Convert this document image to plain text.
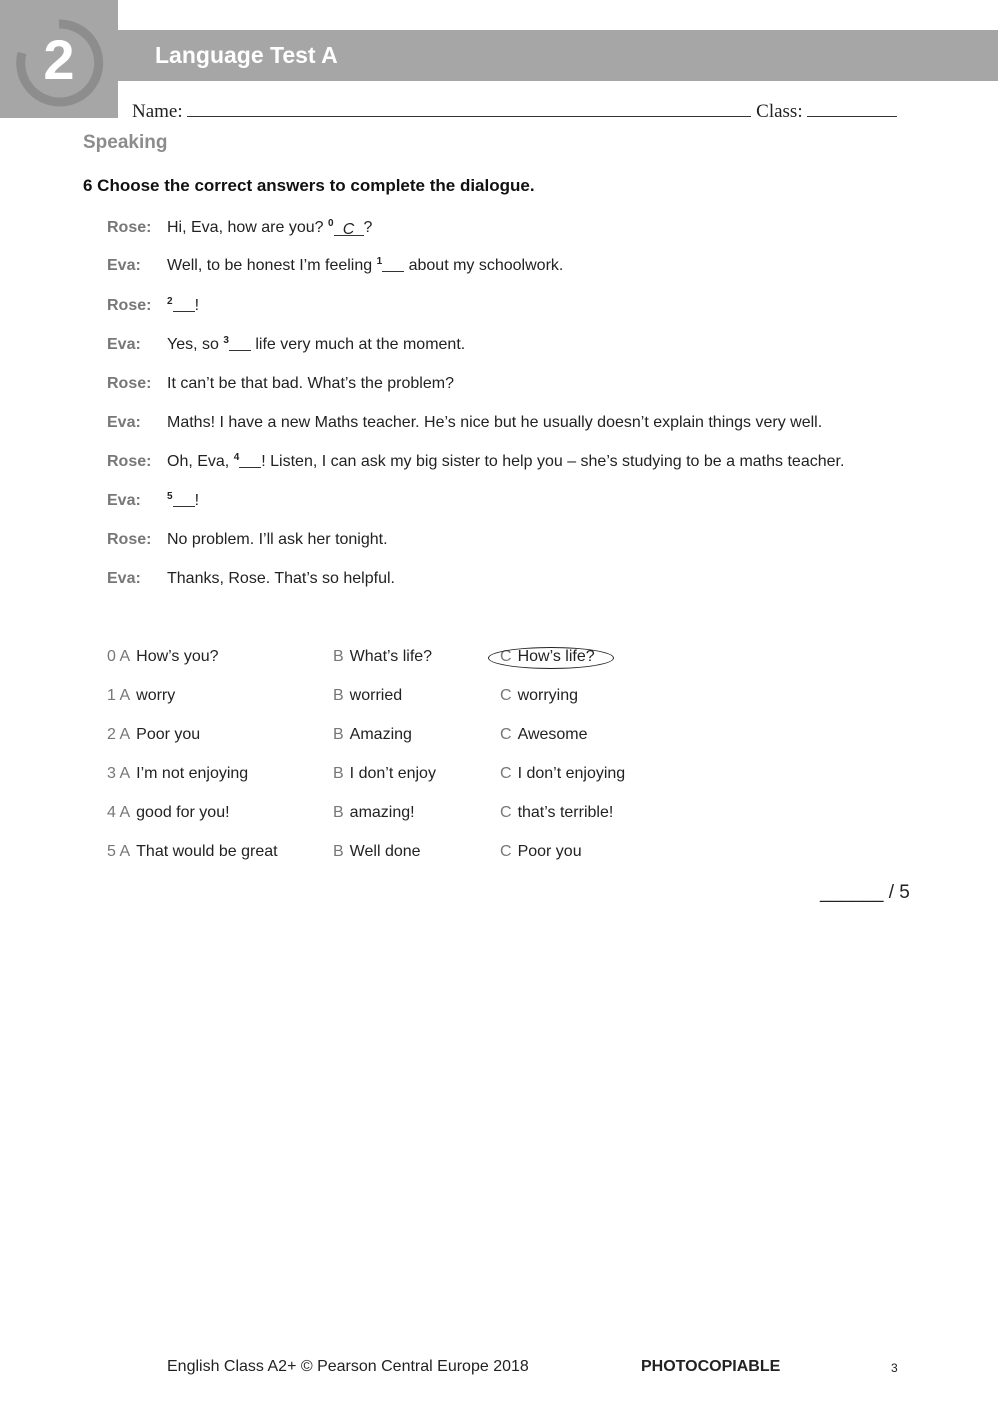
2	Language Test A
Name:	Class:
Speaking
6 Choose the correct answers to complete the dialogue.
Rose: Hi, Eva, how are you? $^0$ C ?
Eva: Well, to be honest I’m feeling $^1$ about my schoolwork.
Rose: $^2$ !
Eva: Yes, so $^3$ life very much at the moment.
Rose: It can’t be that bad. What’s the problem?
Eva: Maths! I have a new Maths teacher. He’s nice but he usually doesn’t explain things very well.
Rose: Oh, Eva, $^4$ ! Listen, I can ask my big sister to help you – she’s studying to be a maths teacher.
Eva:	$^5$ !
Rose: No problem. I’ll ask her tonight.
Eva: Thanks, Rose. That’s so helpful.
0 A How’s you?	B What’s life?	C How’s life?
1 A worry	B worried	C worrying
2 A Poor you	B Amazing	C Awesome
3 A I’m not enjoying	B I don’t enjoy	C I don’t enjoying
4 A good for you!	B amazing!	C that’s terrible!
5 A That would be great	B Well done	C Poor you
______ / 5
English Class A2+ © Pearson Central Europe 2018	PHOTOCOPIABLE	3
